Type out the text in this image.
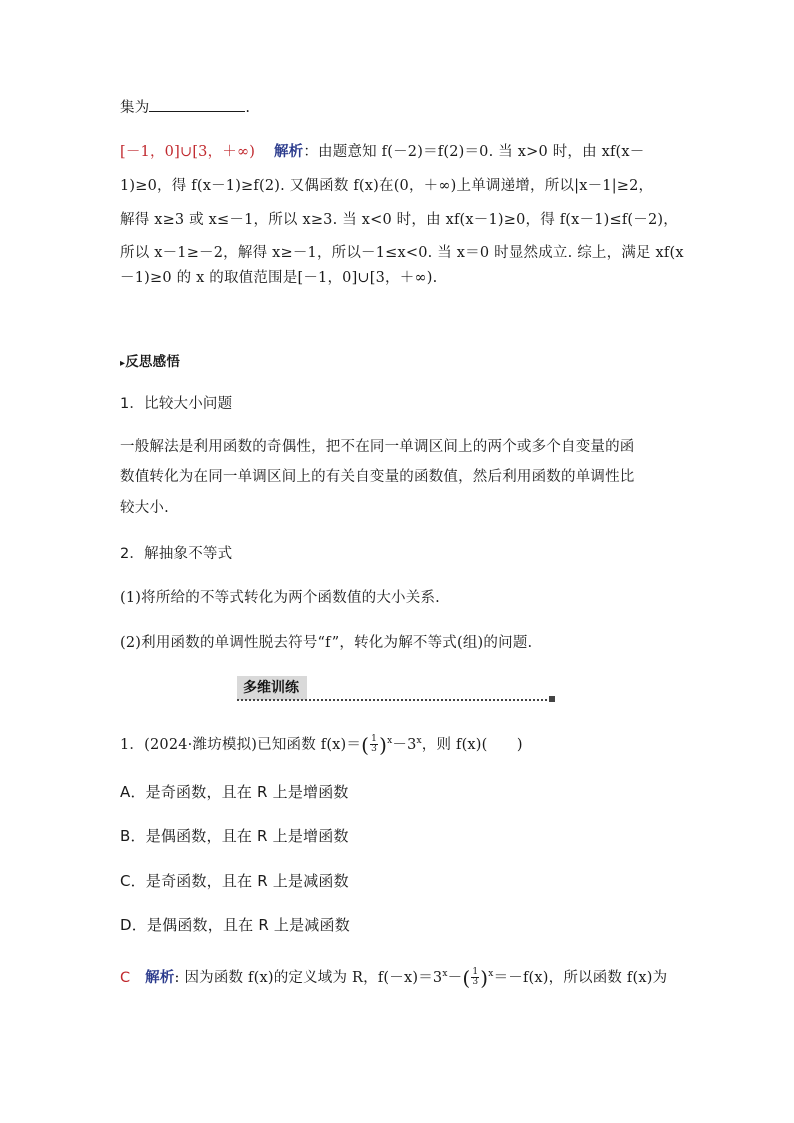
集为	.
[－1，0]∪[3，＋∞) 解析：由题意知 f(－2)＝f(2)＝0. 当 x>0 时，由 xf(x－
1)≥0，得 f(x－1)≥f(2). 又偶函数 f(x)在(0，＋∞)上单调递增，所以|x－1|≥2，
解得 x≥3 或 x≤－1，所以 x≥3. 当 x<0 时，由 xf(x－1)≥0，得 f(x－1)≤f(－2)，
所以 x－1≥－2，解得 x≥－1，所以－1≤x<0. 当 x＝0 时显然成立. 综上，满足 xf(x
－1)≥0 的 x 的取值范围是[－1，0]∪[3，＋∞).
▸反思感悟
1．比较大小问题
一般解法是利用函数的奇偶性，把不在同一单调区间上的两个或多个自变量的函
数值转化为在同一单调区间上的有关自变量的函数值，然后利用函数的单调性比
较大小.
2．解抽象不等式
(1)将所给的不等式转化为两个函数值的大小关系.
(2)利用函数的单调性脱去符号“f”，转化为解不等式(组)的问题.
多维训练
1．(2024·潍坊模拟)已知函数 $f(x)=( \frac{1}{3} )^x-3^x$，则 f(x)(　　)
A．是奇函数，且在 R 上是增函数
B．是偶函数，且在 R 上是增函数
C．是奇函数，且在 R 上是减函数
D．是偶函数，且在 R 上是减函数
C 解析: 因为函数 f(x)的定义域为 R，$f(-x)=3^x-( \frac{1}{3} )^x=-f(x)$，所以函数 f(x)为
